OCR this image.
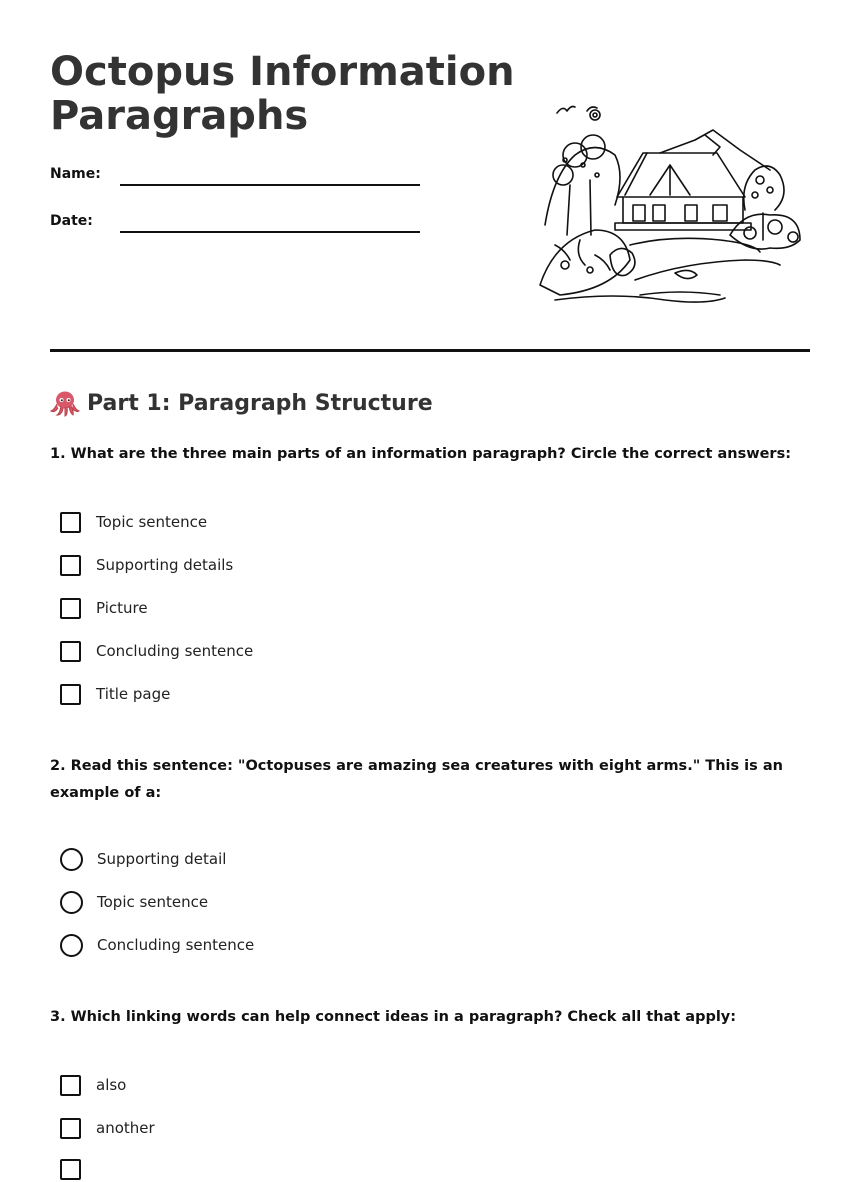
Octopus Information Paragraphs
Name:
Date:
Part 1: Paragraph Structure

1. What are the three main parts of an information paragraph? Circle the correct answers:

Topic sentence
Supporting details
Picture
Concluding sentence
Title page

2. Read this sentence: "Octopuses are amazing sea creatures with eight arms." This is an example of a:

Supporting detail
Topic sentence
Concluding sentence

3. Which linking words can help connect ideas in a paragraph? Check all that apply:

also
another
